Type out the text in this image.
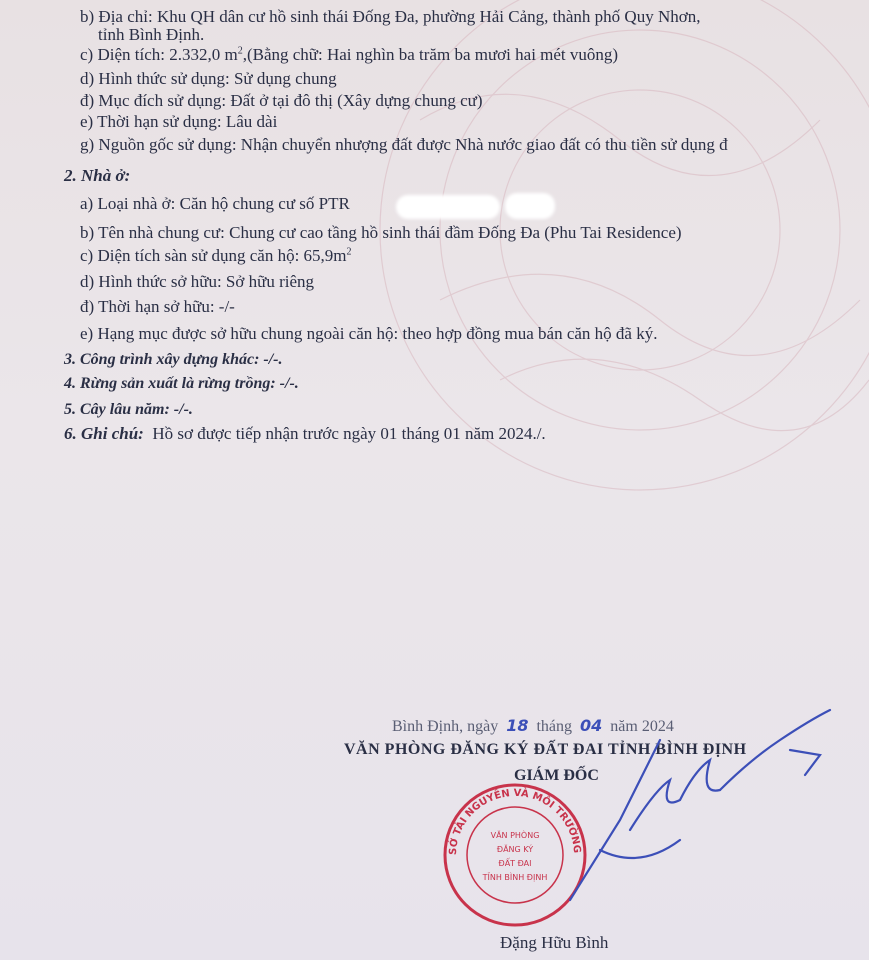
b) Địa chỉ: Khu QH dân cư hồ sinh thái Đống Đa, phường Hải Cảng, thành phố Quy Nhơn,
tỉnh Bình Định.
c) Diện tích: 2.332,0 $m^2,(Bằng$ chữ: Hai nghìn ba trăm ba mươi hai mét vuông)
d) Hình thức sử dụng: Sử dụng chung
đ) Mục đích sử dụng: Đất ở tại đô thị (Xây dựng chung cư)
e) Thời hạn sử dụng: Lâu dài
g) Nguồn gốc sử dụng: Nhận chuyển nhượng đất được Nhà nước giao đất có thu tiền sử dụng đ
2. Nhà ở:
a) Loại nhà ở: Căn hộ chung cư số PTR
b) Tên nhà chung cư: Chung cư cao tầng hồ sinh thái đầm Đống Đa (Phu Tai Residence)
c) Diện tích sàn sử dụng căn hộ: $65,9m^2$
d) Hình thức sở hữu: Sở hữu riêng
đ) Thời hạn sở hữu: -/-
e) Hạng mục được sở hữu chung ngoài căn hộ: theo hợp đồng mua bán căn hộ đã ký.
3. Công trình xây dựng khác: -/-.
4. Rừng sản xuất là rừng trồng: -/-.
5. Cây lâu năm: -/-.
6. Ghi chú: Hồ sơ được tiếp nhận trước ngày 01 tháng 01 năm 2024./.
Bình Định, ngày 18 tháng 04 năm 2024
VĂN PHÒNG ĐĂNG KÝ ĐẤT ĐAI TỈNH BÌNH ĐỊNH
GIÁM ĐỐC
SỞ TÀI NGUYÊN VÀ MÔI TRƯỜNG
VĂN PHÒNG
ĐĂNG KÝ
ĐẤT ĐAI
TỈNH BÌNH ĐỊNH
Đặng Hữu Bình
